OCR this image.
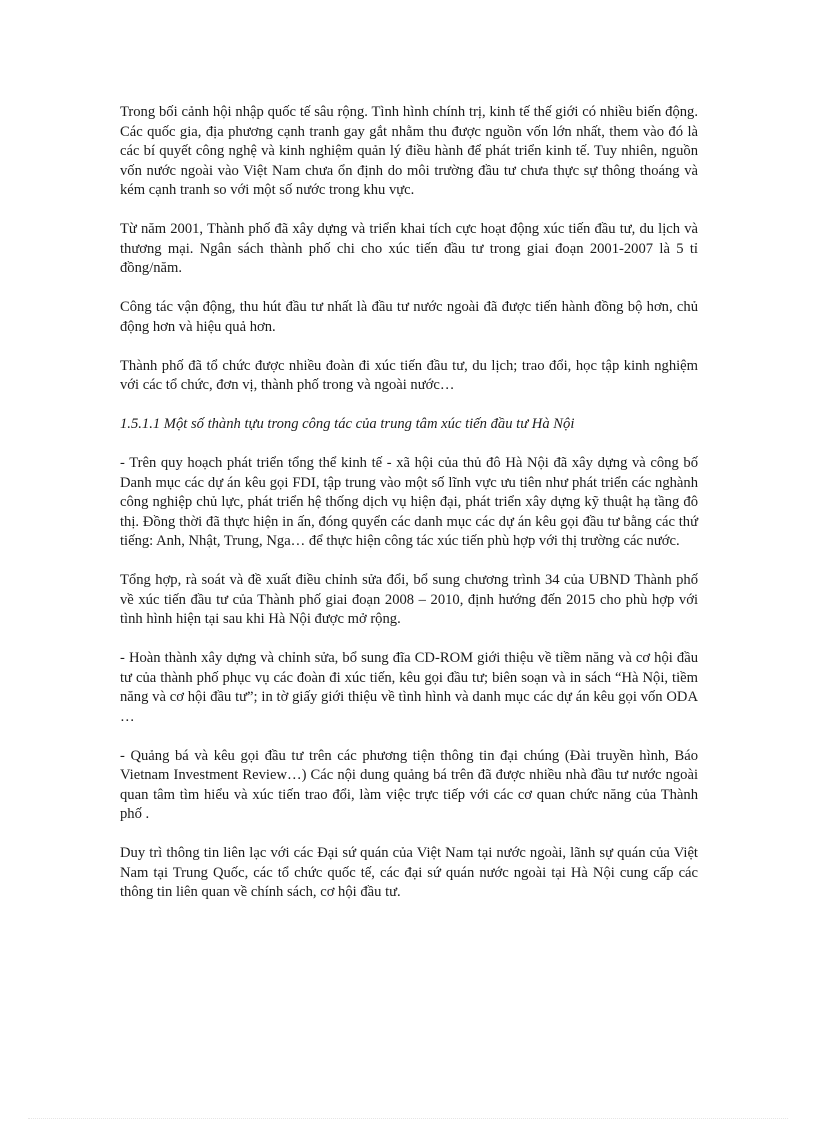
Trong bối cảnh hội nhập quốc tế sâu rộng. Tình hình chính trị, kinh tế thế giới có nhiều biến động. Các quốc gia, địa phương cạnh tranh gay gắt nhằm thu được nguồn vốn lớn nhất, them vào đó là các bí quyết công nghệ và kinh nghiệm quản lý điều hành để phát triển kinh tế. Tuy nhiên, nguồn vốn nước ngoài vào Việt Nam chưa ổn định do môi trường đầu tư chưa thực sự thông thoáng và kém cạnh tranh so với một số nước trong khu vực.

Từ năm 2001, Thành phố đã xây dựng và triển khai tích cực hoạt động xúc tiến đầu tư, du lịch và thương mại. Ngân sách thành phố chi cho xúc tiến đầu tư trong giai đoạn 2001-2007 là 5 tỉ đồng/năm.

Công tác vận động, thu hút đầu tư nhất là đầu tư nước ngoài đã được tiến hành đồng bộ hơn, chủ động hơn và hiệu quả hơn.

Thành phố đã tổ chức được nhiều đoàn đi xúc tiến đầu tư, du lịch; trao đổi, học tập kinh nghiệm với các tổ chức, đơn vị, thành phố trong và ngoài nước…

1.5.1.1 Một số thành tựu trong công tác của trung tâm xúc tiến đầu tư Hà Nội

- Trên quy hoạch phát triển tổng thể kinh tế - xã hội của thủ đô Hà Nội đã xây dựng và công bố Danh mục các dự án kêu gọi FDI, tập trung vào một số lĩnh vực ưu tiên như phát triển các nghành công nghiệp chủ lực, phát triển hệ thống dịch vụ hiện đại, phát triển xây dựng kỹ thuật hạ tầng đô thị. Đồng thời đã thực hiện in ấn, đóng quyển các danh mục các dự án kêu gọi đầu tư bằng các thứ tiếng: Anh, Nhật, Trung, Nga… để thực hiện công tác xúc tiến phù hợp với thị trường các nước.

Tổng hợp, rà soát và đề xuất điều chỉnh sửa đổi, bổ sung chương trình 34 của UBND Thành phố về xúc tiến đầu tư của Thành phố giai đoạn 2008 – 2010, định hướng đến 2015 cho phù hợp với tình hình hiện tại sau khi Hà Nội được mở rộng.

- Hoàn thành xây dựng và chỉnh sửa, bổ sung đĩa CD-ROM giới thiệu về tiềm năng và cơ hội đầu tư của thành phố phục vụ các đoàn đi xúc tiến, kêu gọi đầu tư; biên soạn và in sách “Hà Nội, tiềm năng và cơ hội đầu tư”; in tờ giấy giới thiệu về tình hình và danh mục các dự án kêu gọi vốn ODA …

- Quảng bá và kêu gọi đầu tư trên các phương tiện thông tin đại chúng (Đài truyền hình, Báo Vietnam Investment Review…) Các nội dung quảng bá trên đã được nhiều nhà đầu tư nước ngoài quan tâm tìm hiểu và xúc tiến trao đổi, làm việc trực tiếp với các cơ quan chức năng của Thành phố .

Duy trì thông tin liên lạc với các Đại sứ quán của Việt Nam tại nước ngoài, lãnh sự quán của Việt Nam tại Trung Quốc, các tổ chức quốc tế, các đại sứ quán nước ngoài tại Hà Nội cung cấp các thông tin liên quan về chính sách, cơ hội đầu tư.
